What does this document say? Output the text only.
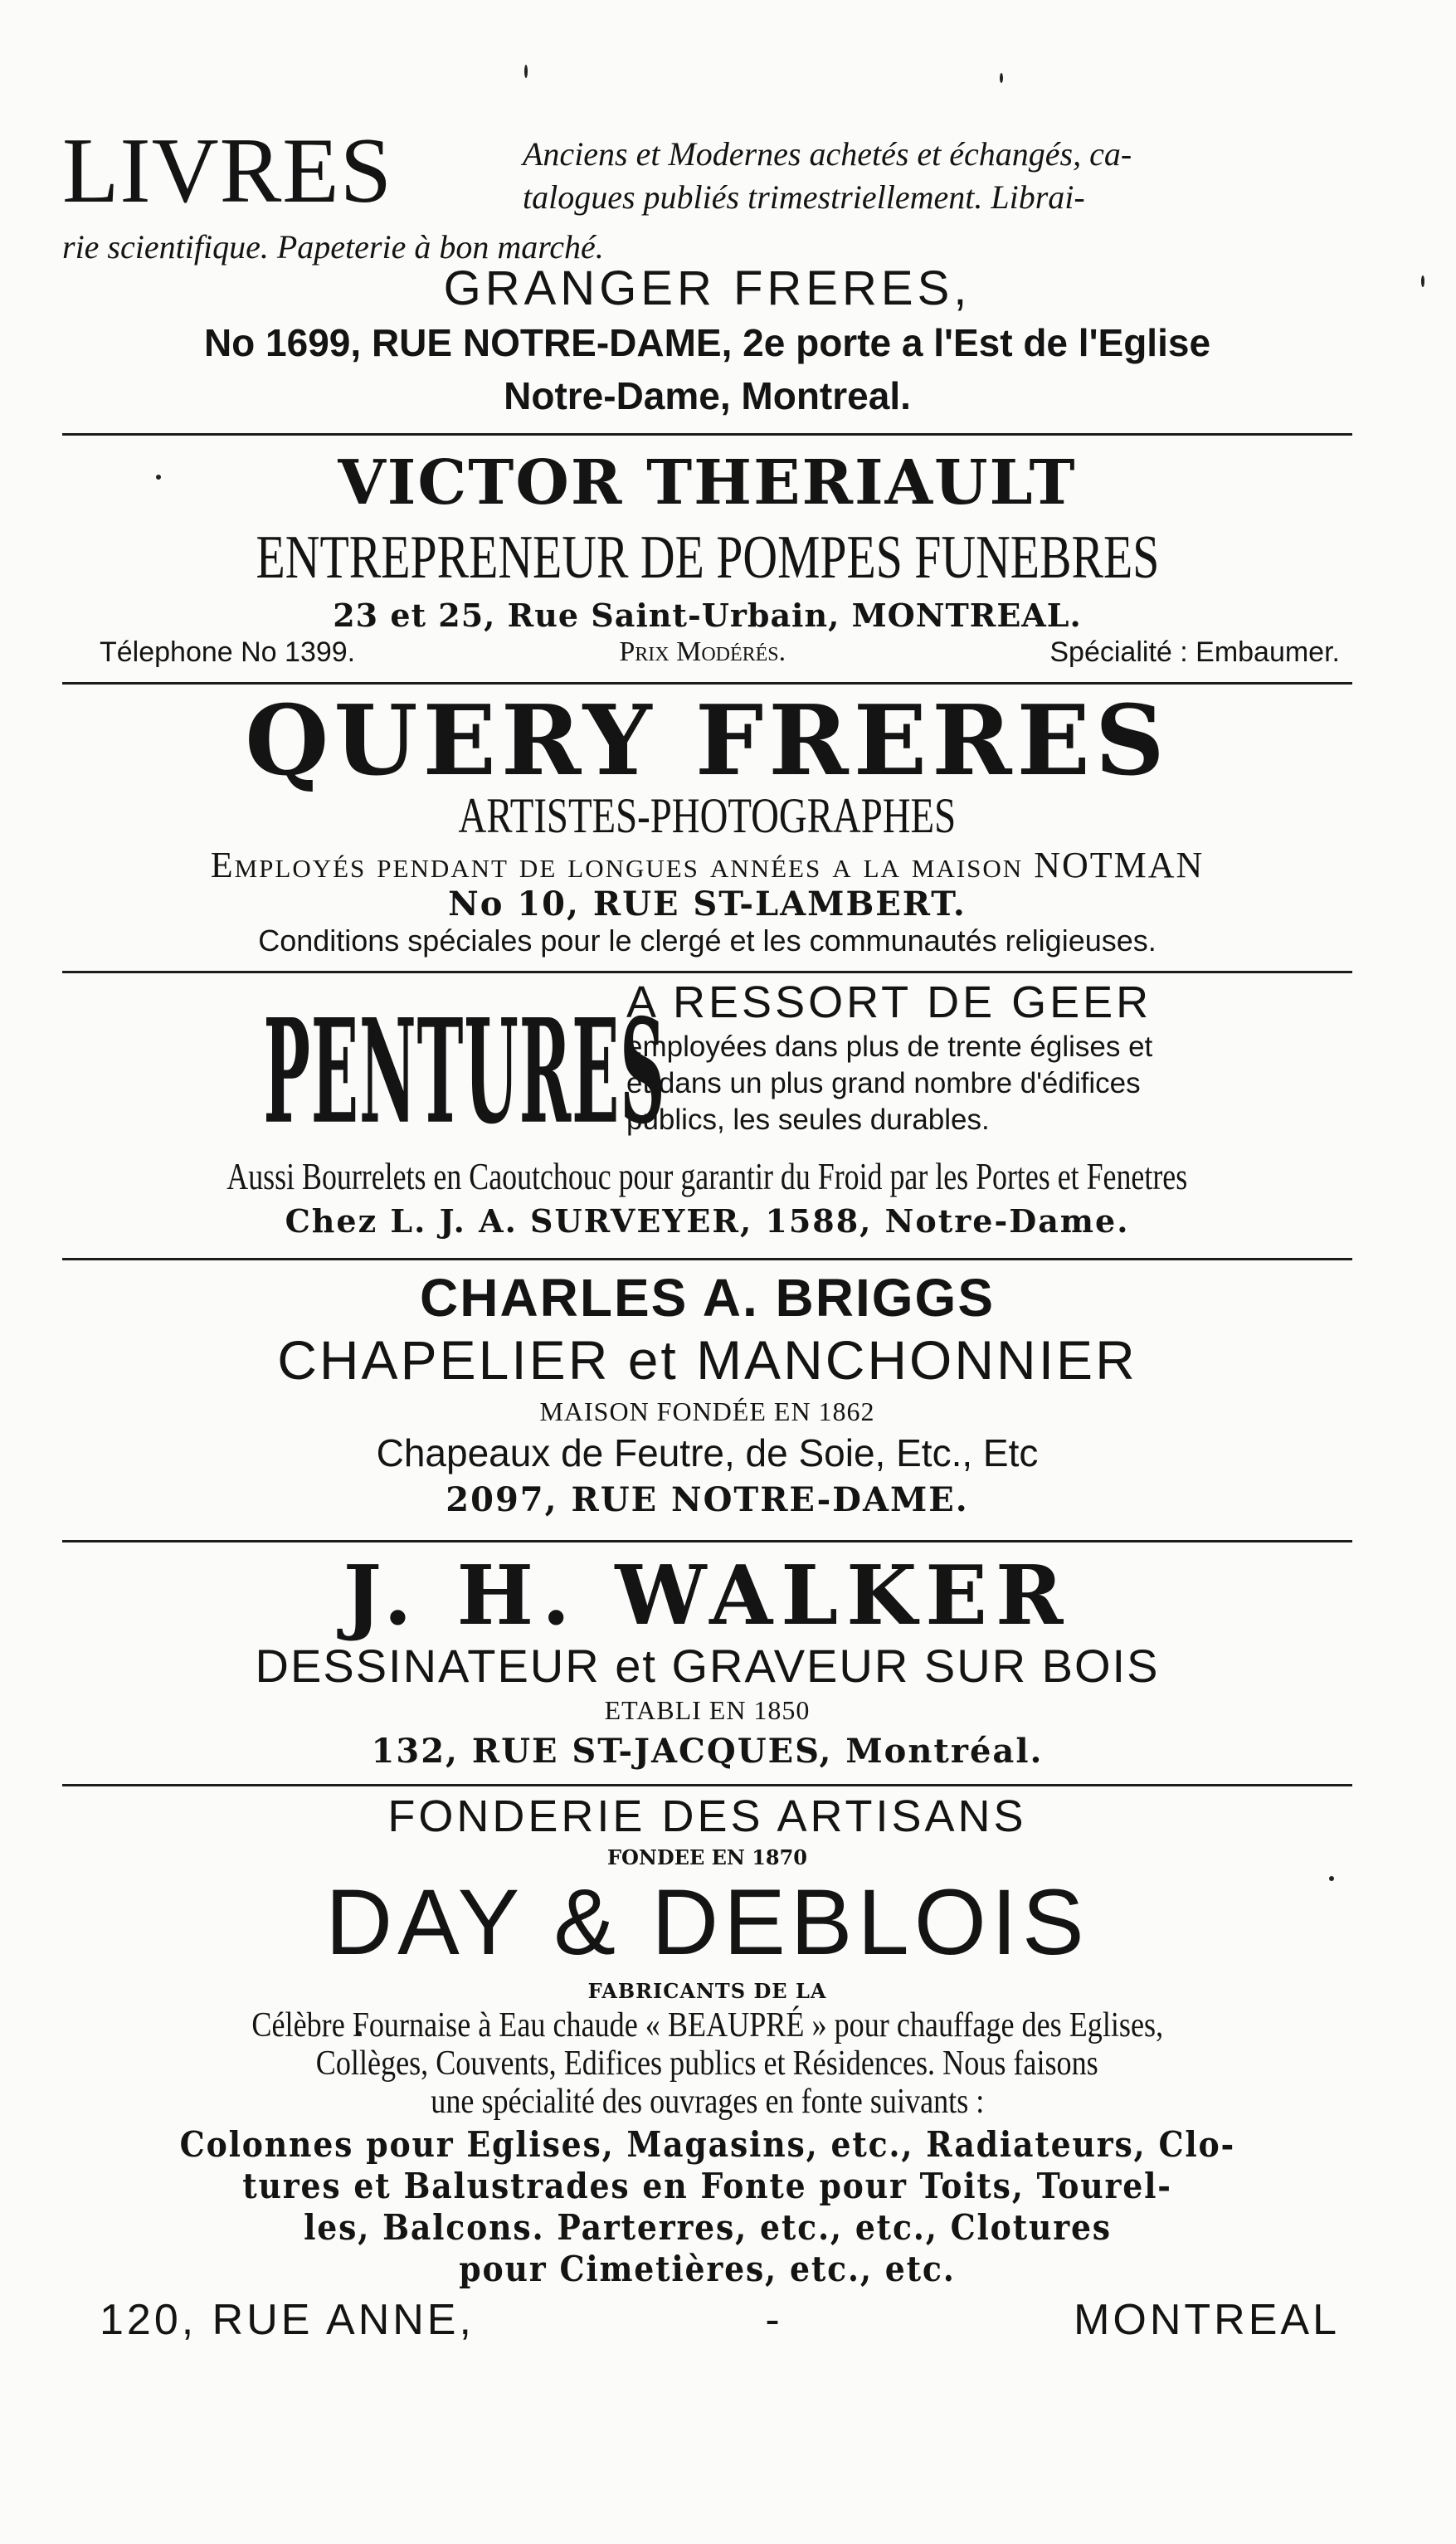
LIVRES	Anciens et Modernes achetés et échangés, ca-
talogues publiés trimestriellement. Librai-
rie scientifique. Papeterie à bon marché.
GRANGER FRERES,
No 1699, RUE NOTRE-DAME, 2e porte a l'Est de l'Eglise
Notre-Dame, Montreal.
VICTOR THERIAULT
ENTREPRENEUR DE POMPES FUNEBRES
23 et 25, Rue Saint-Urbain, MONTREAL.
Télephone No 1399.	Prix Modérés.	Spécialité : Embaumer.
QUERY FRERES
ARTISTES-PHOTOGRAPHES
Employés pendant de longues années a la maison NOTMAN
No 10, RUE ST-LAMBERT.
Conditions spéciales pour le clergé et les communautés religieuses.
PENTURES
A RESSORT DE GEER
employées dans plus de trente églises et
et dans un plus grand nombre d'édifices
publics, les seules durables.
Aussi Bourrelets en Caoutchouc pour garantir du Froid par les Portes et Fenetres
Chez L. J. A. SURVEYER, 1588, Notre-Dame.
CHARLES A. BRIGGS
CHAPELIER et MANCHONNIER
MAISON FONDÉE EN 1862
Chapeaux de Feutre, de Soie, Etc., Etc
2097, RUE NOTRE-DAME.
J. H. WALKER
DESSINATEUR et GRAVEUR SUR BOIS
ETABLI EN 1850
132, RUE ST-JACQUES, Montréal.
FONDERIE DES ARTISANS
FONDEE EN 1870
DAY & DEBLOIS
FABRICANTS DE LA
Célèbre Fournaise à Eau chaude « BEAUPRÉ » pour chauffage des Eglises,
Collèges, Couvents, Edifices publics et Résidences. Nous faisons
une spécialité des ouvrages en fonte suivants :
Colonnes pour Eglises, Magasins, etc., Radiateurs, Clo-
tures et Balustrades en Fonte pour Toits, Tourel-
les, Balcons. Parterres, etc., etc., Clotures
pour Cimetières, etc., etc.
120, RUE ANNE,	-	MONTREAL
